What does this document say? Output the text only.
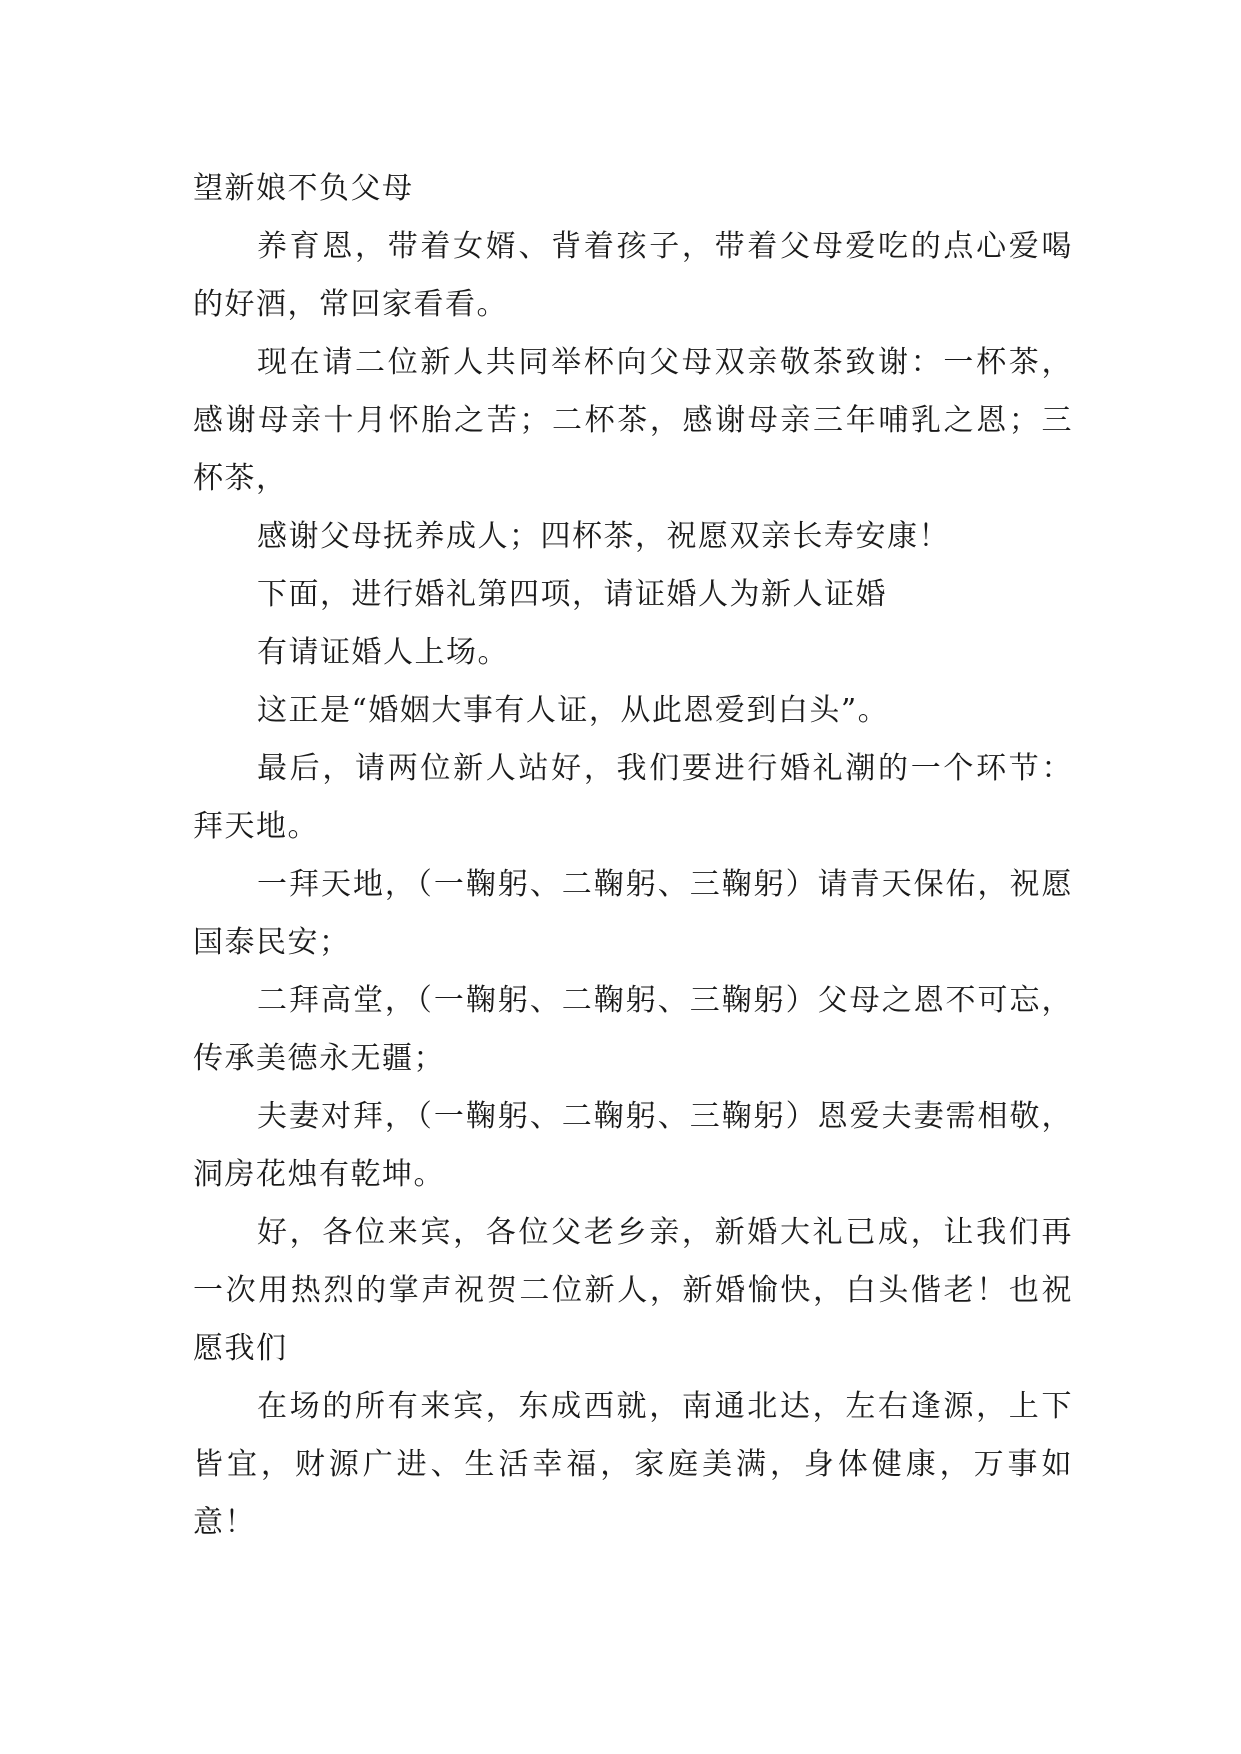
望新娘不负父母

养育恩，带着女婿、背着孩子，带着父母爱吃的点心爱喝的好酒，常回家看看。

现在请二位新人共同举杯向父母双亲敬茶致谢：一杯茶，感谢母亲十月怀胎之苦；二杯茶，感谢母亲三年哺乳之恩；三杯茶，

感谢父母抚养成人；四杯茶，祝愿双亲长寿安康！

下面，进行婚礼第四项，请证婚人为新人证婚

有请证婚人上场。

这正是“婚姻大事有人证，从此恩爱到白头”。

最后，请两位新人站好，我们要进行婚礼潮的一个环节：拜天地。

一拜天地，（一鞠躬、二鞠躬、三鞠躬）请青天保佑，祝愿国泰民安；

二拜高堂，（一鞠躬、二鞠躬、三鞠躬）父母之恩不可忘，传承美德永无疆；

夫妻对拜，（一鞠躬、二鞠躬、三鞠躬）恩爱夫妻需相敬，洞房花烛有乾坤。

好，各位来宾，各位父老乡亲，新婚大礼已成，让我们再一次用热烈的掌声祝贺二位新人，新婚愉快，白头偕老！也祝愿我们

在场的所有来宾，东成西就，南通北达，左右逢源，上下皆宜，财源广进、生活幸福，家庭美满，身体健康，万事如意！
